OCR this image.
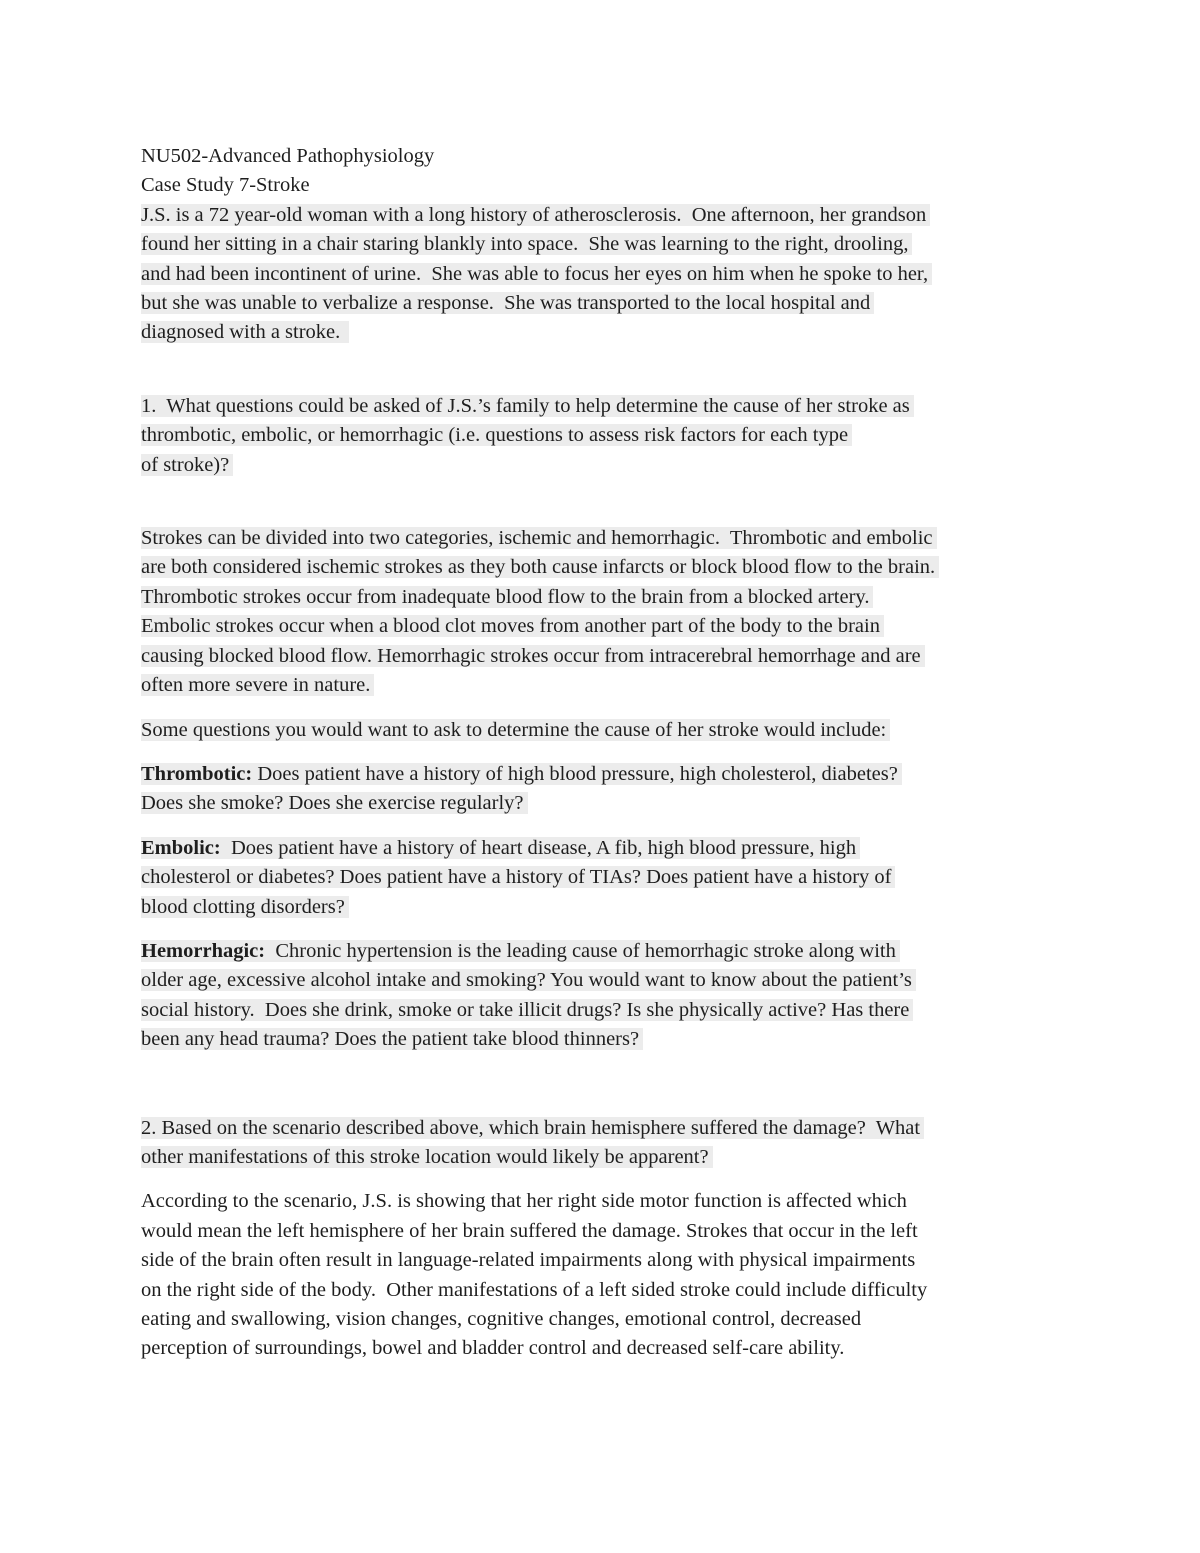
NU502-Advanced Pathophysiology
Case Study 7-Stroke
J.S. is a 72 year-old woman with a long history of atherosclerosis.  One afternoon, her grandson
found her sitting in a chair staring blankly into space.  She was learning to the right, drooling,
and had been incontinent of urine.  She was able to focus her eyes on him when he spoke to her,
but she was unable to verbalize a response.  She was transported to the local hospital and
diagnosed with a stroke.
1.  What questions could be asked of J.S.’s family to help determine the cause of her stroke as
thrombotic, embolic, or hemorrhagic (i.e. questions to assess risk factors for each type
of stroke)?
Strokes can be divided into two categories, ischemic and hemorrhagic.  Thrombotic and embolic
are both considered ischemic strokes as they both cause infarcts or block blood flow to the brain.
Thrombotic strokes occur from inadequate blood flow to the brain from a blocked artery.
Embolic strokes occur when a blood clot moves from another part of the body to the brain
causing blocked blood flow. Hemorrhagic strokes occur from intracerebral hemorrhage and are
often more severe in nature.
Some questions you would want to ask to determine the cause of her stroke would include:
Thrombotic: Does patient have a history of high blood pressure, high cholesterol, diabetes?
Does she smoke? Does she exercise regularly?
Embolic:  Does patient have a history of heart disease, A fib, high blood pressure, high
cholesterol or diabetes? Does patient have a history of TIAs? Does patient have a history of
blood clotting disorders?
Hemorrhagic:  Chronic hypertension is the leading cause of hemorrhagic stroke along with
older age, excessive alcohol intake and smoking? You would want to know about the patient’s
social history.  Does she drink, smoke or take illicit drugs? Is she physically active? Has there
been any head trauma? Does the patient take blood thinners?
2. Based on the scenario described above, which brain hemisphere suffered the damage?  What
other manifestations of this stroke location would likely be apparent?
According to the scenario, J.S. is showing that her right side motor function is affected which
would mean the left hemisphere of her brain suffered the damage. Strokes that occur in the left
side of the brain often result in language-related impairments along with physical impairments
on the right side of the body.  Other manifestations of a left sided stroke could include difficulty
eating and swallowing, vision changes, cognitive changes, emotional control, decreased
perception of surroundings, bowel and bladder control and decreased self-care ability.
